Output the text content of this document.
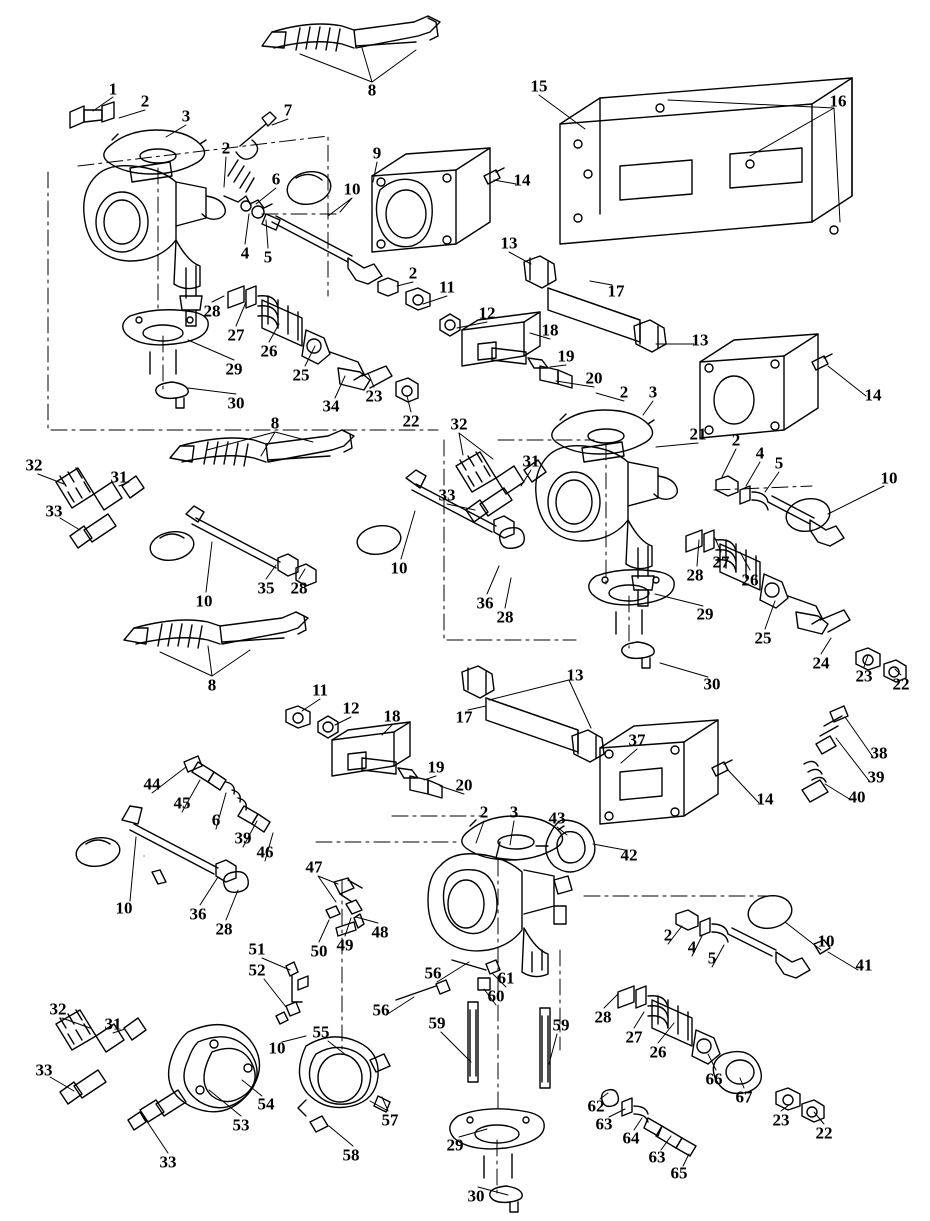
1
2
3	7
8	15
16
2
6
9
10	14
4 5
13
17
2
11
12
18
13
19
20
2 3	14
28
27
26
25
34
23
22
29
30
8	32
21 2
4
5
10
31
33
32
31
33
10
35 28
10
36
28
28
27
26
25
24
23 22
29
30
8
13
17
11
12 18
37
38
39
40
19
20
14
44
45
6
39
46
2 3 43
42
10	36
28
47
48
49
50
51
52
2
4
5
10
41
56	61
60
56
59	59
55
10
32
31
33
54
53
33
57
58
29
30
28
27
26
66
67
23
22
62
63
64
63
65
